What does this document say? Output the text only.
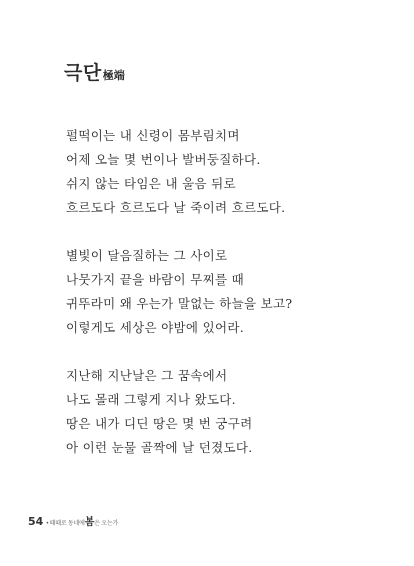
극단 極端
펄떡이는 내 신령이 몸부림치며
어제 오늘 몇 번이나 발버둥질하다.
쉬지 않는 타임은 내 울음 뒤로
흐르도다 흐르도다 날 죽이려 흐르도다.
별빛이 달음질하는 그 사이로
나뭇가지 끝을 바람이 무찌를 때
귀뚜라미 왜 우는가 말없는 하늘을 보고?
이렇게도 세상은 야밤에 있어라.
지난해 지난날은 그 꿈속에서
나도 몰래 그렇게 지나 왔도다.
땅은 내가 디딘 땅은 몇 번 궁구려
아 이런 눈물 골짝에 날 던졌도다.
54 • 때때로 동네에봄은 오는가
